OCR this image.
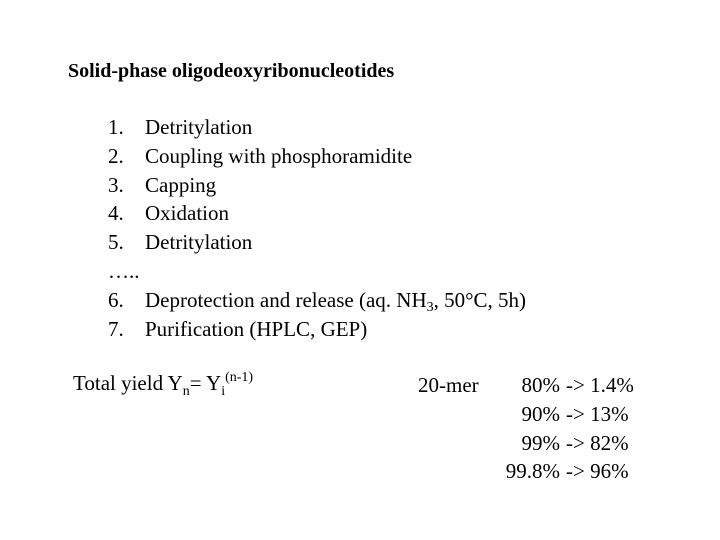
Solid-phase oligodeoxyribonucleotides
1. Detritylation
2. Coupling with phosphoramidite
3. Capping
4. Oxidation
5. Detritylation
…..
6. Deprotection and release (aq. $NH_3$, 50°C, 5h)
7. Purification (HPLC, GEP)
Total yield $Y_n= Y_i^{(n-1)}$	20-mer	80% -> 1.4%
90% -> 13%
99% -> 82%
99.8% -> 96%
